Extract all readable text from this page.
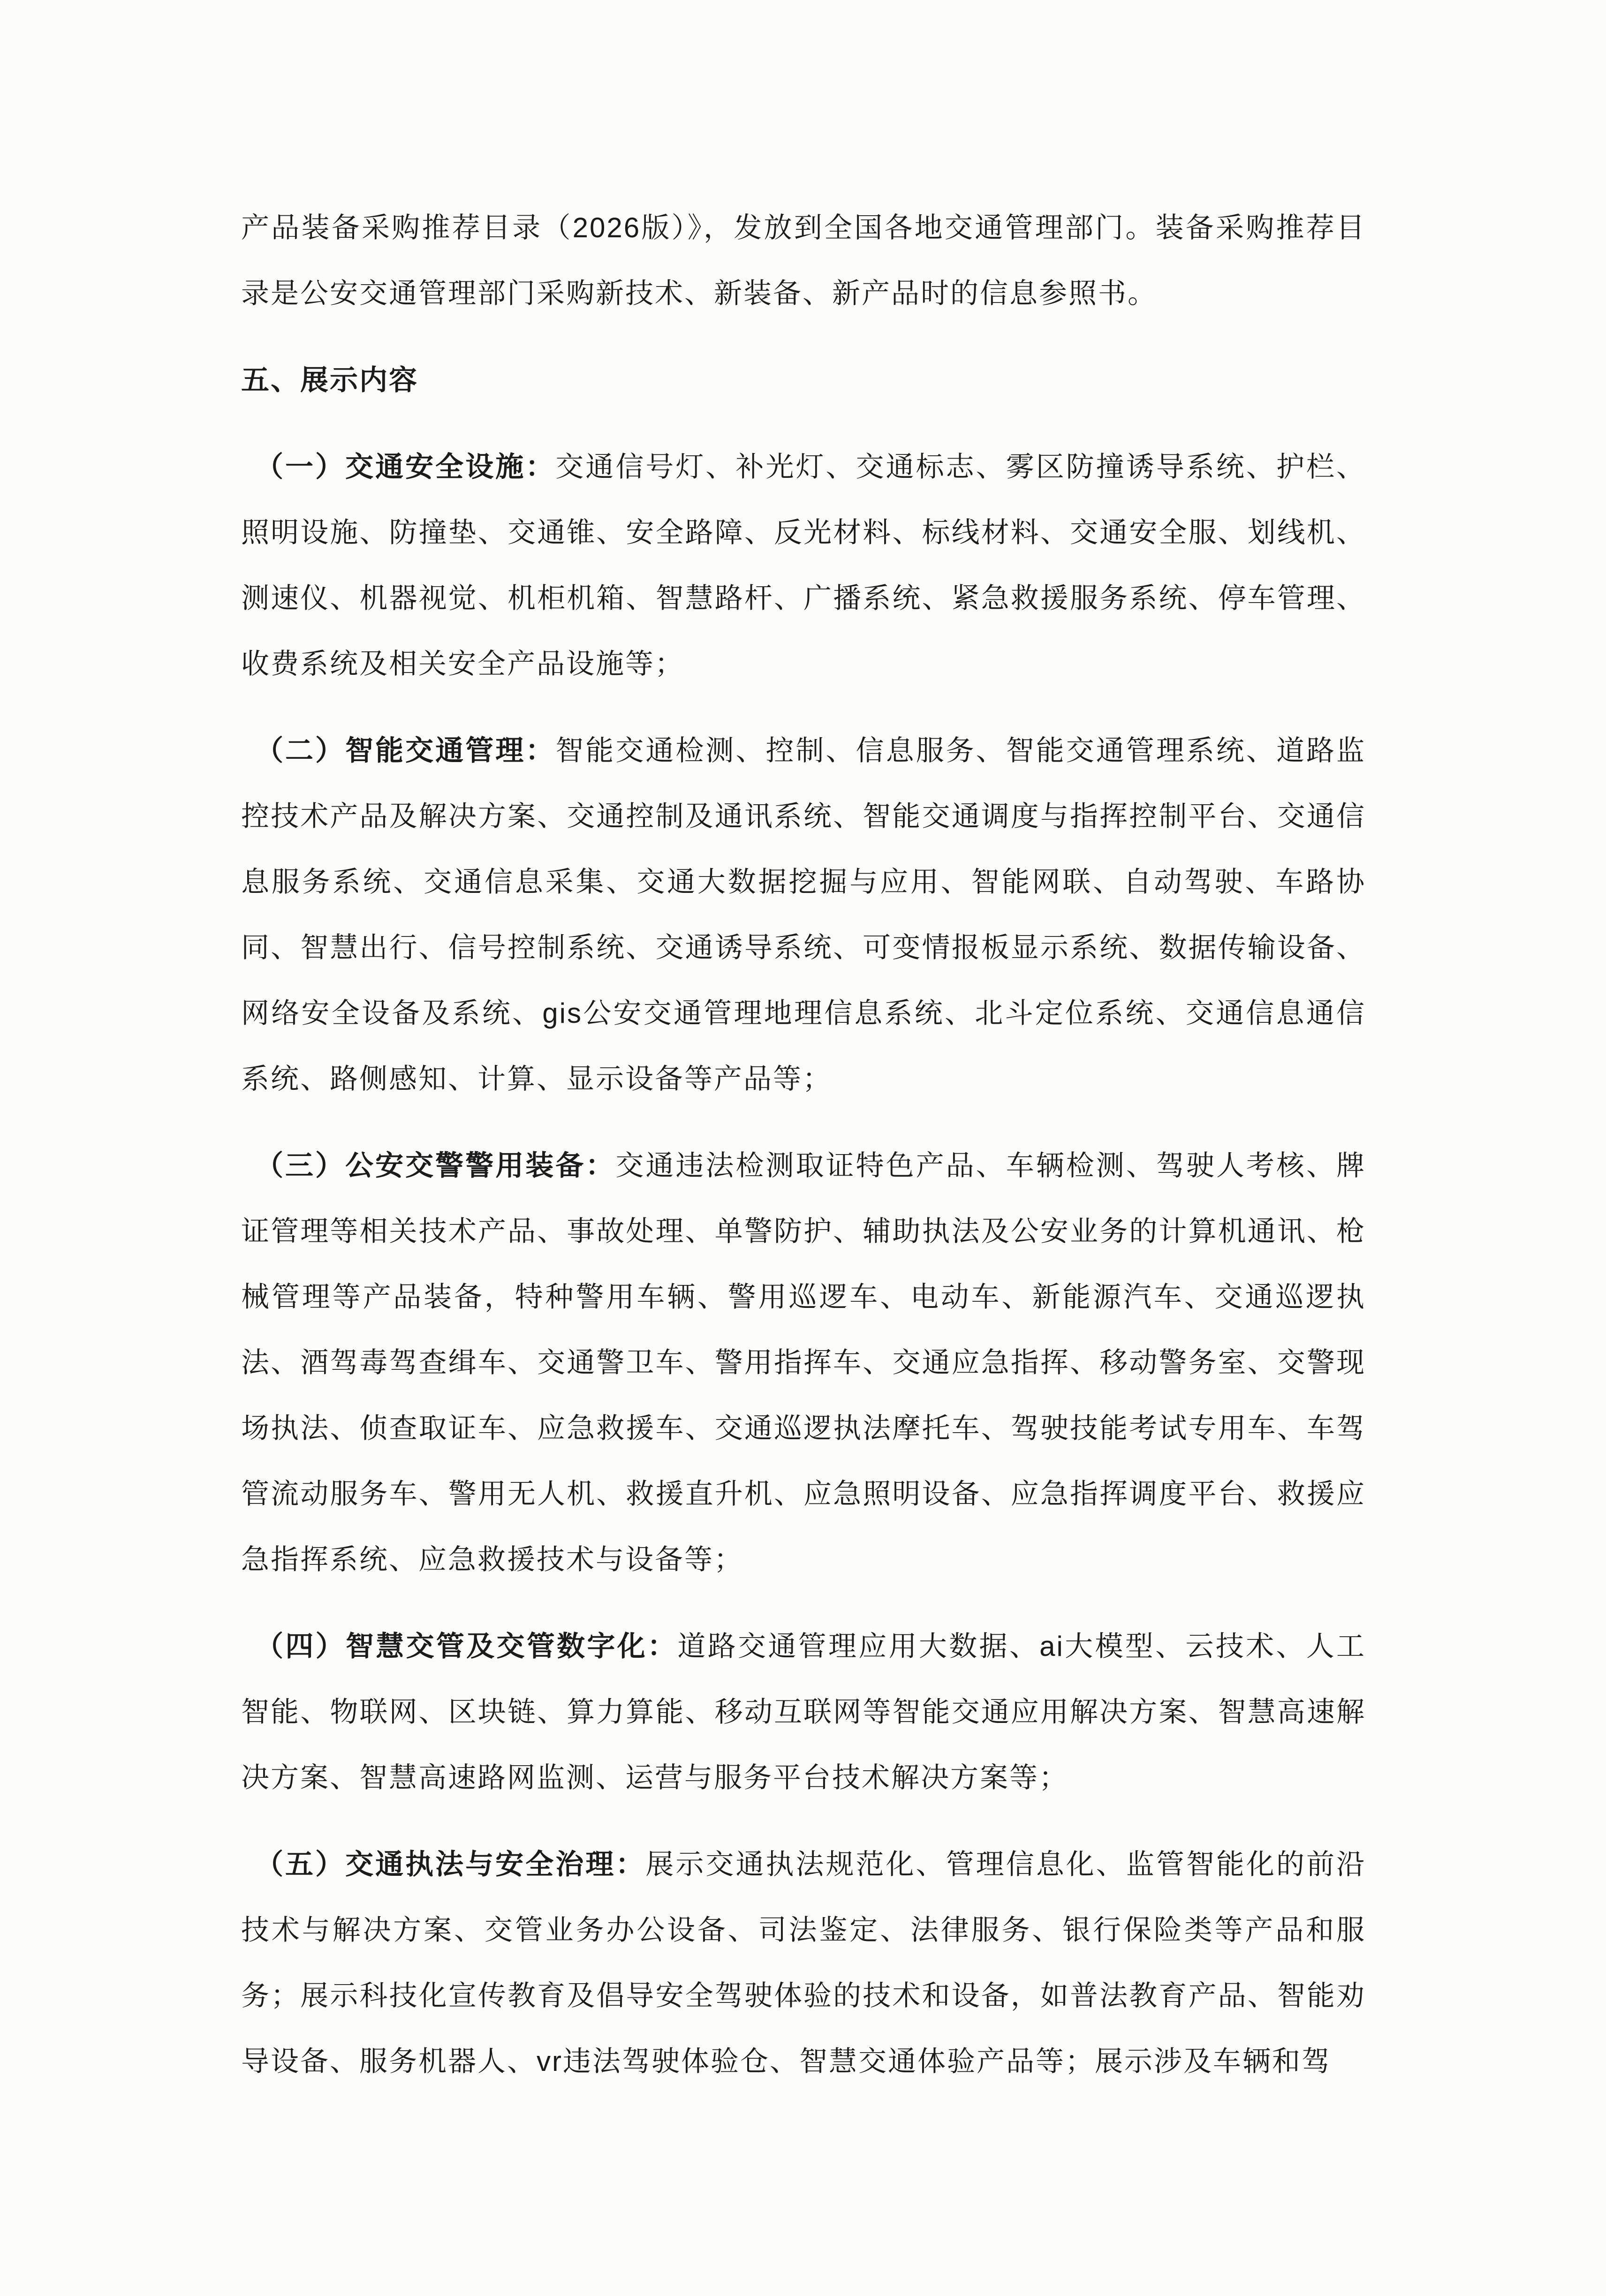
产品装备采购推荐目录（2026版）》，发放到全国各地交通管理部门。装备采购推荐目录是公安交通管理部门采购新技术、新装备、新产品时的信息参照书。

五、展示内容

（一）交通安全设施：交通信号灯、补光灯、交通标志、雾区防撞诱导系统、护栏、照明设施、防撞垫、交通锥、安全路障、反光材料、标线材料、交通安全服、划线机、测速仪、机器视觉、机柜机箱、智慧路杆、广播系统、紧急救援服务系统、停车管理、收费系统及相关安全产品设施等；

（二）智能交通管理：智能交通检测、控制、信息服务、智能交通管理系统、道路监控技术产品及解决方案、交通控制及通讯系统、智能交通调度与指挥控制平台、交通信息服务系统、交通信息采集、交通大数据挖掘与应用、智能网联、自动驾驶、车路协同、智慧出行、信号控制系统、交通诱导系统、可变情报板显示系统、数据传输设备、网络安全设备及系统、gis公安交通管理地理信息系统、北斗定位系统、交通信息通信系统、路侧感知、计算、显示设备等产品等；

（三）公安交警警用装备：交通违法检测取证特色产品、车辆检测、驾驶人考核、牌证管理等相关技术产品、事故处理、单警防护、辅助执法及公安业务的计算机通讯、枪械管理等产品装备，特种警用车辆、警用巡逻车、电动车、新能源汽车、交通巡逻执法、酒驾毒驾查缉车、交通警卫车、警用指挥车、交通应急指挥、移动警务室、交警现场执法、侦查取证车、应急救援车、交通巡逻执法摩托车、驾驶技能考试专用车、车驾管流动服务车、警用无人机、救援直升机、应急照明设备、应急指挥调度平台、救援应急指挥系统、应急救援技术与设备等；

（四）智慧交管及交管数字化：道路交通管理应用大数据、ai大模型、云技术、人工智能、物联网、区块链、算力算能、移动互联网等智能交通应用解决方案、智慧高速解决方案、智慧高速路网监测、运营与服务平台技术解决方案等；

（五）交通执法与安全治理：展示交通执法规范化、管理信息化、监管智能化的前沿技术与解决方案、交管业务办公设备、司法鉴定、法律服务、银行保险类等产品和服务；展示科技化宣传教育及倡导安全驾驶体验的技术和设备，如普法教育产品、智能劝导设备、服务机器人、vr违法驾驶体验仓、智慧交通体验产品等；展示涉及车辆和驾
